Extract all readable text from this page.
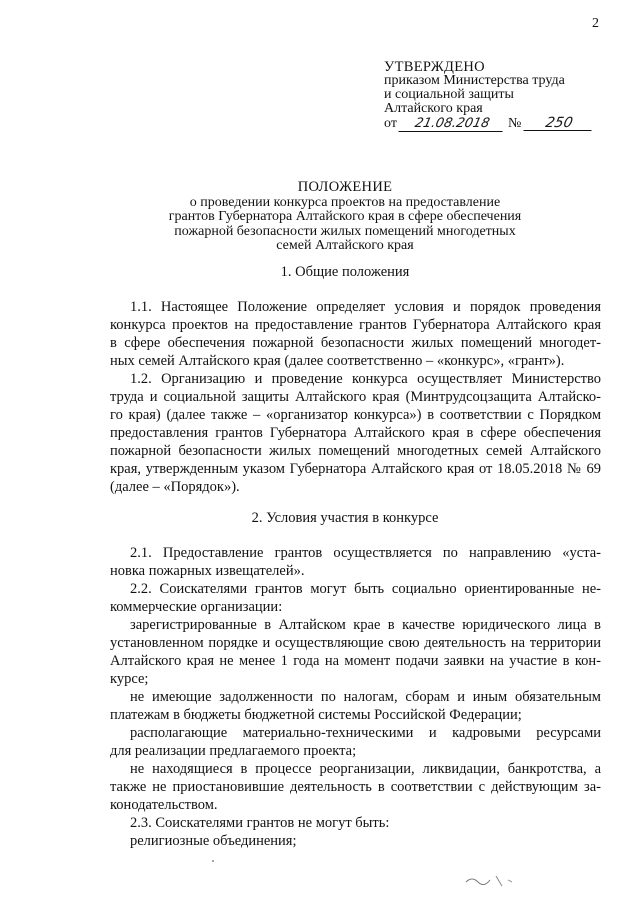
2
УТВЕРЖДЕНО
приказом Министерства труда
и социальной защиты
Алтайского края
от 21.08.2018 № 250
ПОЛОЖЕНИЕ
о проведении конкурса проектов на предоставление
грантов Губернатора Алтайского края в сфере обеспечения
пожарной безопасности жилых помещений многодетных
семей Алтайского края
1. Общие положения

1.1. Настоящее Положение определяет условия и порядок проведения

конкурса проектов на предоставление грантов Губернатора Алтайского края

в сфере обеспечения пожарной безопасности жилых помещений многодет-

ных семей Алтайского края (далее соответственно – «конкурс», «грант»).

1.2. Организацию и проведение конкурса осуществляет Министерство

труда и социальной защиты Алтайского края (Минтрудсоцзащита Алтайско-

го края) (далее также – «организатор конкурса») в соответствии с Порядком

предоставления грантов Губернатора Алтайского края в сфере обеспечения

пожарной безопасности жилых помещений многодетных семей Алтайского

края, утвержденным указом Губернатора Алтайского края от 18.05.2018 № 69

(далее – «Порядок»).

2. Условия участия в конкурсе

2.1. Предоставление грантов осуществляется по направлению «уста-

новка пожарных извещателей».

2.2. Соискателями грантов могут быть социально ориентированные не-

коммерческие организации:

зарегистрированные в Алтайском крае в качестве юридического лица в

установленном порядке и осуществляющие свою деятельность на территории

Алтайского края не менее 1 года на момент подачи заявки на участие в кон-

курсе;

не имеющие задолженности по налогам, сборам и иным обязательным

платежам в бюджеты бюджетной системы Российской Федерации;

располагающие материально-техническими и кадровыми ресурсами

для реализации предлагаемого проекта;

не находящиеся в процессе реорганизации, ликвидации, банкротства, а

также не приостановившие деятельность в соответствии с действующим за-

конодательством.

2.3. Соискателями грантов не могут быть:

религиозные объединения;
